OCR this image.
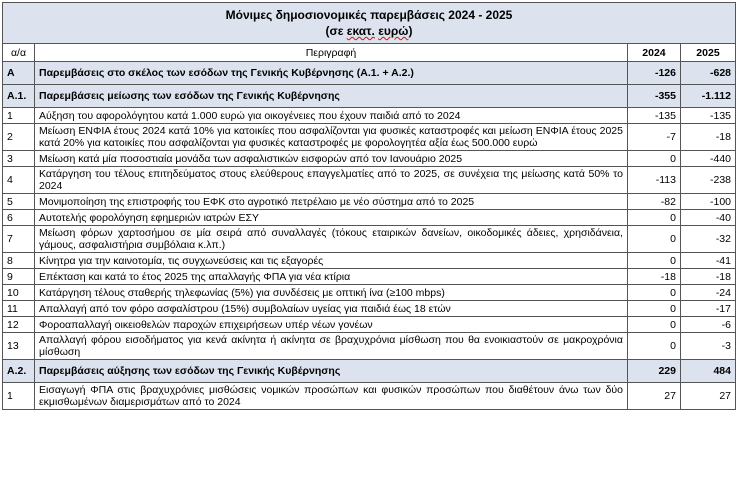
Μόνιμες δημοσιονομικές παρεμβάσεις 2024 - 2025
(σε εκατ. ευρώ)			

α/α	Περιγραφή	2024	2025
Α	Παρεμβάσεις στο σκέλος των εσόδων της Γενικής Κυβέρνησης (Α.1. + Α.2.)	-126	-628
Α.1.	Παρεμβάσεις μείωσης των εσόδων της Γενικής Κυβέρνησης	-355	-1.112
1	Αύξηση του αφορολόγητου κατά 1.000 ευρώ για οικογένειες που έχουν παιδιά από το 2024	-135	-135
2	Μείωση ΕΝΦΙΑ έτους 2024 κατά 10% για κατοικίες που ασφαλίζονται για φυσικές καταστροφές και μείωση ΕΝΦΙΑ έτους 2025 κατά 20% για κατοικίες που ασφαλίζονται για φυσικές καταστροφές με φορολογητέα αξία έως 500.000 ευρώ	-7	-18
3	Μείωση κατά μία ποσοστιαία μονάδα των ασφαλιστικών εισφορών από τον Ιανουάριο 2025	0	-440
4	Κατάργηση του τέλους επιτηδεύματος στους ελεύθερους επαγγελματίες από το 2025, σε συνέχεια της μείωσης κατά 50% το 2024	-113	-238
5	Μονιμοποίηση της επιστροφής του ΕΦΚ στο αγροτικό πετρέλαιο με νέο σύστημα από το 2025	-82	-100
6	Αυτοτελής φορολόγηση εφημεριών ιατρών ΕΣΥ	0	-40
7	Μείωση φόρων χαρτοσήμου σε μία σειρά από συναλλαγές (τόκους εταιρικών δανείων, οικοδομικές άδειες, χρησιδάνεια, γάμους, ασφαλιστήρια συμβόλαια κ.λπ.)	0	-32
8	Κίνητρα για την καινοτομία, τις συγχωνεύσεις και τις εξαγορές	0	-41
9	Επέκταση και κατά το έτος 2025 της απαλλαγής ΦΠΑ για νέα κτίρια	-18	-18
10	Κατάργηση τέλους σταθερής τηλεφωνίας (5%) για συνδέσεις με οπτική ίνα (≥100 mbps)	0	-24
11	Απαλλαγή από τον φόρο ασφαλίστρου (15%) συμβολαίων υγείας για παιδιά έως 18 ετών	0	-17
12	Φοροαπαλλαγή οικειοθελών παροχών επιχειρήσεων υπέρ νέων γονέων	0	-6
13	Απαλλαγή φόρου εισοδήματος για κενά ακίνητα ή ακίνητα σε βραχυχρόνια μίσθωση που θα ενοικιαστούν σε μακροχρόνια μίσθωση	0	-3
Α.2.	Παρεμβάσεις αύξησης των εσόδων της Γενικής Κυβέρνησης	229	484
1	Εισαγωγή ΦΠΑ στις βραχυχρόνιες μισθώσεις νομικών προσώπων και φυσικών προσώπων που διαθέτουν άνω των δύο εκμισθωμένων διαμερισμάτων από το 2024	27	27
